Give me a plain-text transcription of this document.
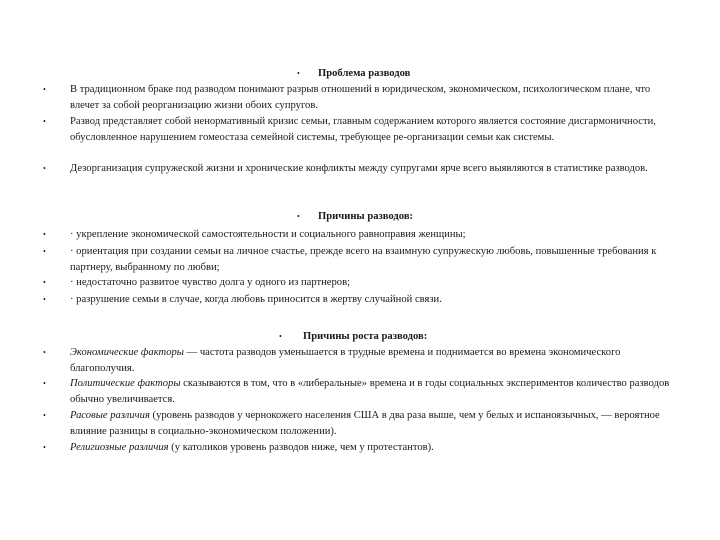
• Проблема разводов
• В традиционном браке под разводом понимают разрыв отношений в юридическом, экономическом, психологическом плане, что влечет за собой реорганизацию жизни обоих супругов.
• Развод представляет собой ненормативный кризис семьи, главным содержанием которого является состояние дисгармоничности, обусловленное нарушением гомеостаза семейной системы, требующее ре-организации семьи как системы.
• Дезорганизация супружеской жизни и хронические конфликты между супругами ярче всего выявляются в статистике разводов.
• Причины разводов:
• · укрепление экономической самостоятельности и социального равноправия женщины;
• · ориентация при создании семьи на личное счастье, прежде всего на взаимную супружескую любовь, повышенные требования к партнеру, выбранному по любви;
• · недостаточно развитое чувство долга у одного из партнеров;
• · разрушение семьи в случае, когда любовь приносится в жертву случайной связи.
• Причины роста разводов:
• Экономические факторы — частота разводов уменьшается в трудные времена и поднимается во времена экономического благополучия.
• Политические факторы сказываются в том, что в «либеральные» времена и в годы социальных экспериментов количество разводов обычно увеличивается.
• Расовые различия (уровень разводов у чернокожего населения США в два раза выше, чем у белых и испаноязычных, — вероятное влияние разницы в социально-экономическом положении).
• Религиозные различия (у католиков уровень разводов ниже, чем у протестантов).
